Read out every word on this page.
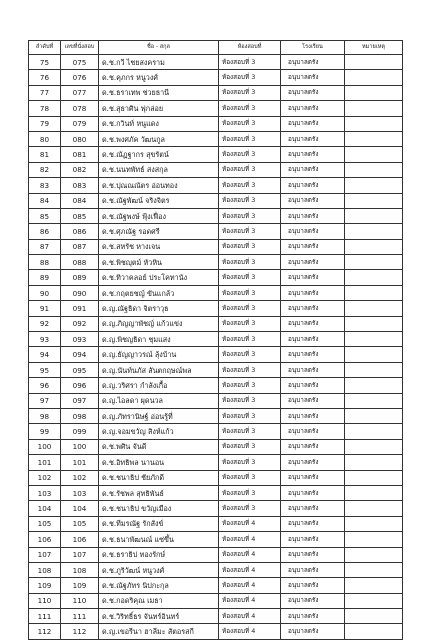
ลำดับที่	เลขที่นั่งสอบ	ชื่อ - สกุล	ห้องสอบที่	โรงเรียน	หมายเหตุ
75	075	ด.ช.กวี ไชยสงคราม	ห้องสอบที่ 3	อนุบาลตรัง	
76	076	ด.ช.คุภกร หนูวงศ์	ห้องสอบที่ 3	อนุบาลตรัง	
77	077	ด.ช.ธราเทพ ช่วยธานี	ห้องสอบที่ 3	อนุบาลตรัง	
78	078	ด.ช.สุธาศิน ฟุกล่อย	ห้องสอบที่ 3	อนุบาลตรัง	
79	079	ด.ช.กวินท์ หนูแดง	ห้องสอบที่ 3	อนุบาลตรัง	
80	080	ด.ช.พงศภัค วัฒนกูล	ห้องสอบที่ 3	อนุบาลตรัง	
81	081	ด.ช.ณัฏฐากร สุขรัตน์	ห้องสอบที่ 3	อนุบาลตรัง	
82	082	ด.ช.นนทพัทธ์ สงสกุล	ห้องสอบที่ 3	อนุบาลตรัง	
83	083	ด.ช.ปุณณณัตร อ่อนทอง	ห้องสอบที่ 3	อนุบาลตรัง	
84	084	ด.ช.ณัฐพัฒน์ จริงจิตร	ห้องสอบที่ 3	อนุบาลตรัง	
85	085	ด.ช.ณัฐพงษ์ ฟุ้งเฟื่อง	ห้องสอบที่ 3	อนุบาลตรัง	
86	086	ด.ช.ศุภณัฐ รอดศรี	ห้องสอบที่ 3	อนุบาลตรัง	
87	087	ด.ช.สหรัช หางเจน	ห้องสอบที่ 3	อนุบาลตรัง	
88	088	ด.ช.พิชญุตม์ หัวหิน	ห้องสอบที่ 3	อนุบาลตรัง	
89	089	ด.ช.ทิวาคลอย์ ประโคทานัง	ห้องสอบที่ 3	อนุบาลตรัง	
90	090	ด.ช.กฤตยชญ์ ขันแกล้ว	ห้องสอบที่ 3	อนุบาลตรัง	
91	091	ด.ญ.ณัฐธิดา จิตราวุธ	ห้องสอบที่ 3	อนุบาลตรัง	
92	092	ด.ญ.ภิญญาพัชญ์ แก้วแข่ง	ห้องสอบที่ 3	อนุบาลตรัง	
93	093	ด.ญ.พิชญธิดา ชุมแสง	ห้องสอบที่ 3	อนุบาลตรัง	
94	094	ด.ญ.ธัญญาวรณ์ ลุ้งบ้าน	ห้องสอบที่ 3	อนุบาลตรัง	
95	095	ด.ญ.นันท์นภัส สันตกฤษณ์พล	ห้องสอบที่ 3	อนุบาลตรัง	
96	096	ด.ญ.วริศรา กำลังเกื้อ	ห้องสอบที่ 3	อนุบาลตรัง	
97	097	ด.ญ.ไอลดา ผุดนวล	ห้องสอบที่ 3	อนุบาลตรัง	
98	098	ด.ญ.ภัทรานิษฐ์ อ่อนรู้ที่	ห้องสอบที่ 3	อนุบาลตรัง	
99	099	ด.ญ.จอมขวัญ สิงห์แก้ว	ห้องสอบที่ 3	อนุบาลตรัง	
100	100	ด.ช.พศิน จันดี	ห้องสอบที่ 3	อนุบาลตรัง	
101	101	ด.ช.อิทธิพล นานอน	ห้องสอบที่ 3	อนุบาลตรัง	
102	102	ด.ช.ชนาธิป ชัยภักดี	ห้องสอบที่ 3	อนุบาลตรัง	
103	103	ด.ช.รัชพล สุทธิพันธ์	ห้องสอบที่ 3	อนุบาลตรัง	
104	104	ด.ช.ชนาธิป ขวัญเมือง	ห้องสอบที่ 3	อนุบาลตรัง	
105	105	ด.ช.ทีมรณัฐ รักสังข์	ห้องสอบที่ 4	อนุบาลตรัง	
106	106	ด.ช.ธนาพัฒนณ์ แซ่ขึ้น	ห้องสอบที่ 4	อนุบาลตรัง	
107	107	ด.ช.ธราธิป ทองรักษ์	ห้องสอบที่ 4	อนุบาลตรัง	
108	108	ด.ช.ภูริวัฒน์ หนูวงศ์	ห้องสอบที่ 4	อนุบาลตรัง	
109	109	ด.ช.ณัฐภัทร นิปกะกุล	ห้องสอบที่ 4	อนุบาลตรัง	
110	110	ด.ช.กอดริคุณ เมธา	ห้องสอบที่ 4	อนุบาลตรัง	
111	111	ด.ช.วิริทธิ์ธร จันทร์อินทร์	ห้องสอบที่ 4	อนุบาลตรัง	
112	112	ด.ญ.เขอรีนา ฮาลีมะ สัตอรสกี	ห้องสอบที่ 4	อนุบาลตรัง	
